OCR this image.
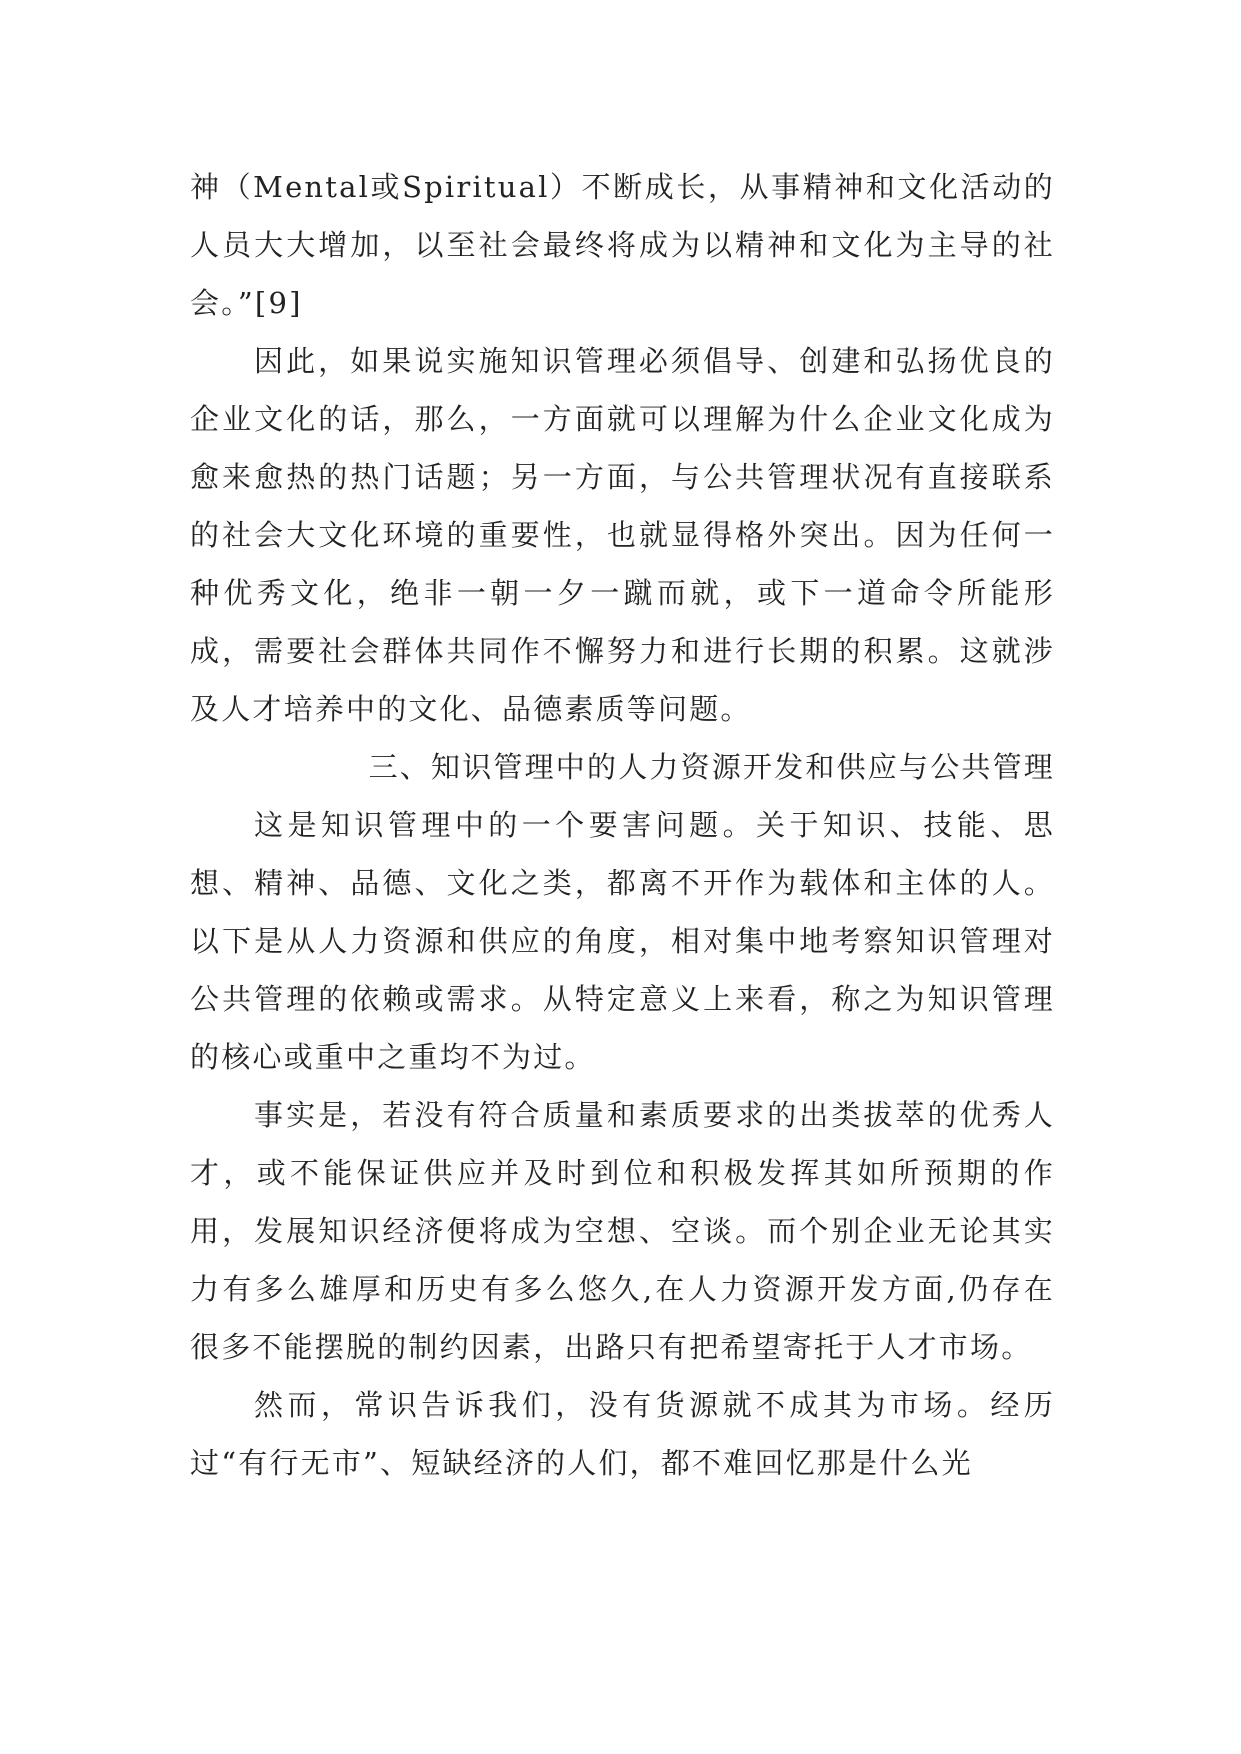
神（Mental或Spiritual）不断成长，从事精神和文化活动的人员大大增加，以至社会最终将成为以精神和文化为主导的社会。”[9]

因此，如果说实施知识管理必须倡导、创建和弘扬优良的企业文化的话，那么，一方面就可以理解为什么企业文化成为愈来愈热的热门话题；另一方面，与公共管理状况有直接联系的社会大文化环境的重要性，也就显得格外突出。因为任何一种优秀文化，绝非一朝一夕一蹴而就，或下一道命令所能形成，需要社会群体共同作不懈努力和进行长期的积累。这就涉及人才培养中的文化、品德素质等问题。

三、知识管理中的人力资源开发和供应与公共管理

这是知识管理中的一个要害问题。关于知识、技能、思想、精神、品德、文化之类，都离不开作为载体和主体的人。以下是从人力资源和供应的角度，相对集中地考察知识管理对公共管理的依赖或需求。从特定意义上来看，称之为知识管理的核心或重中之重均不为过。

事实是，若没有符合质量和素质要求的出类拔萃的优秀人才，或不能保证供应并及时到位和积极发挥其如所预期的作用，发展知识经济便将成为空想、空谈。而个别企业无论其实力有多么雄厚和历史有多么悠久,在人力资源开发方面,仍存在很多不能摆脱的制约因素，出路只有把希望寄托于人才市场。

然而，常识告诉我们，没有货源就不成其为市场。经历过“有行无市”、短缺经济的人们，都不难回忆那是什么光
